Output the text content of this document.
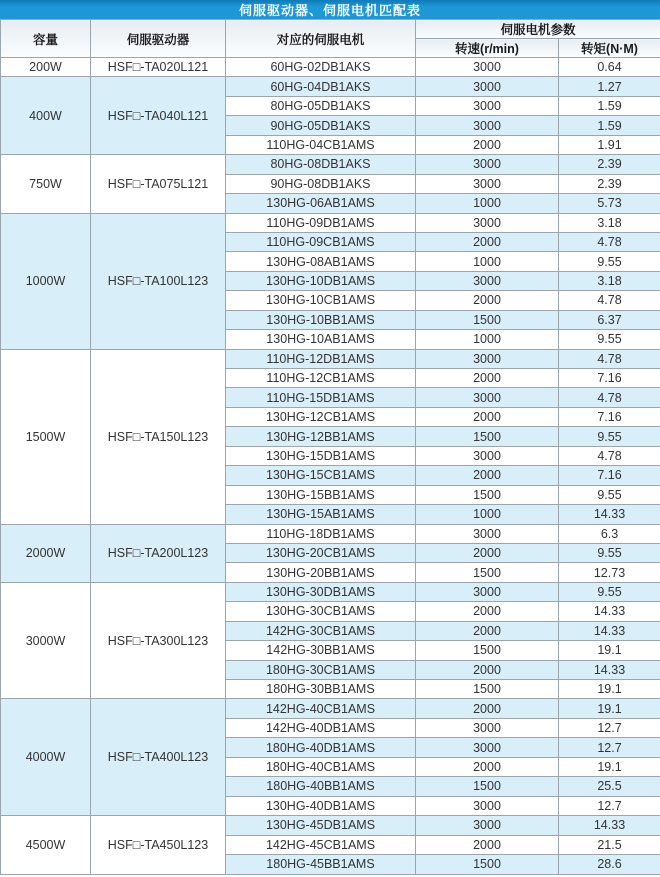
伺服驱动器、伺服电机匹配表
容量	伺服驱动器	对应的伺服电机	伺服电机参数	
			转速(r/min)	转矩(N·M)
200W	HSF□-TA020L121	60HG-02DB1AKS	3000	0.64
400W	HSF□-TA040L121	60HG-04DB1AKS	3000	1.27
		80HG-05DB1AKS	3000	1.59
		90HG-05DB1AKS	3000	1.59
		110HG-04CB1AMS	2000	1.91
750W	HSF□-TA075L121	80HG-08DB1AKS	3000	2.39
		90HG-08DB1AKS	3000	2.39
		130HG-06AB1AMS	1000	5.73
1000W	HSF□-TA100L123	110HG-09DB1AMS	3000	3.18
		110HG-09CB1AMS	2000	4.78
		130HG-08AB1AMS	1000	9.55
		130HG-10DB1AMS	3000	3.18
		130HG-10CB1AMS	2000	4.78
		130HG-10BB1AMS	1500	6.37
		130HG-10AB1AMS	1000	9.55
1500W	HSF□-TA150L123	110HG-12DB1AMS	3000	4.78
		110HG-12CB1AMS	2000	7.16
		110HG-15DB1AMS	3000	4.78
		130HG-12CB1AMS	2000	7.16
		130HG-12BB1AMS	1500	9.55
		130HG-15DB1AMS	3000	4.78
		130HG-15CB1AMS	2000	7.16
		130HG-15BB1AMS	1500	9.55
		130HG-15AB1AMS	1000	14.33
2000W	HSF□-TA200L123	110HG-18DB1AMS	3000	6.3
		130HG-20CB1AMS	2000	9.55
		130HG-20BB1AMS	1500	12.73
3000W	HSF□-TA300L123	130HG-30DB1AMS	3000	9.55
		130HG-30CB1AMS	2000	14.33
		142HG-30CB1AMS	2000	14.33
		142HG-30BB1AMS	1500	19.1
		180HG-30CB1AMS	2000	14.33
		180HG-30BB1AMS	1500	19.1
4000W	HSF□-TA400L123	142HG-40CB1AMS	2000	19.1
		142HG-40DB1AMS	3000	12.7
		180HG-40DB1AMS	3000	12.7
		180HG-40CB1AMS	2000	19.1
		180HG-40BB1AMS	1500	25.5
		130HG-40DB1AMS	3000	12.7
4500W	HSF□-TA450L123	130HG-45DB1AMS	3000	14.33
		142HG-45CB1AMS	2000	21.5
		180HG-45BB1AMS	1500	28.6
